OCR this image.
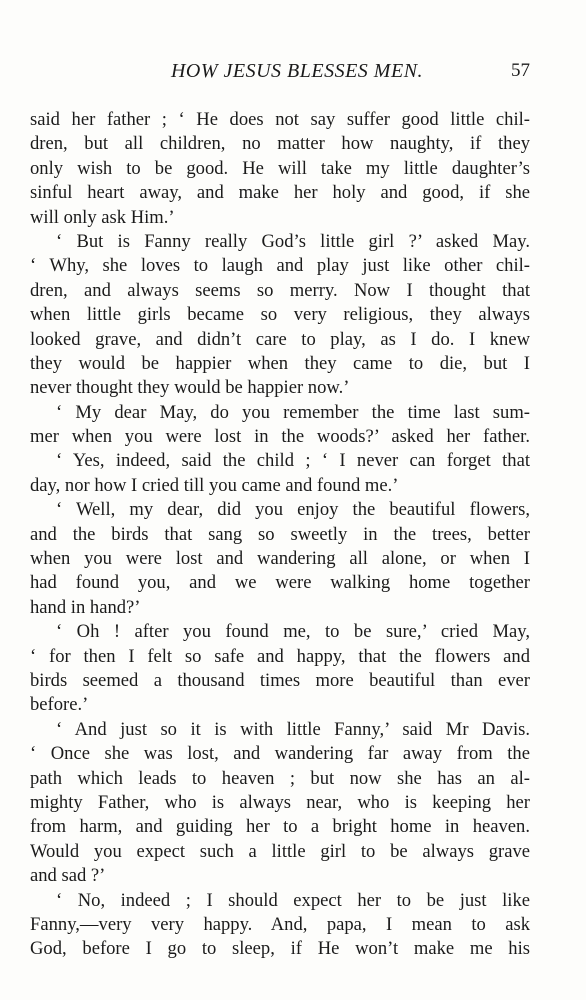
HOW JESUS BLESSES MEN.	57
said her father ; ‘ He does not say suffer good little chil-
dren, but all children, no matter how naughty, if they
only wish to be good. He will take my little daughter’s
sinful heart away, and make her holy and good, if she
will only ask Him.’
‘ But is Fanny really God’s little girl ?’ asked May.
‘ Why, she loves to laugh and play just like other chil-
dren, and always seems so merry. Now I thought that
when little girls became so very religious, they always
looked grave, and didn’t care to play, as I do. I knew
they would be happier when they came to die, but I
never thought they would be happier now.’
‘ My dear May, do you remember the time last sum-
mer when you were lost in the woods?’ asked her father.
‘ Yes, indeed, said the child ; ‘ I never can forget that
day, nor how I cried till you came and found me.’
‘ Well, my dear, did you enjoy the beautiful flowers,
and the birds that sang so sweetly in the trees, better
when you were lost and wandering all alone, or when I
had found you, and we were walking home together
hand in hand?’
‘ Oh ! after you found me, to be sure,’ cried May,
‘ for then I felt so safe and happy, that the flowers and
birds seemed a thousand times more beautiful than ever
before.’
‘ And just so it is with little Fanny,’ said Mr Davis.
‘ Once she was lost, and wandering far away from the
path which leads to heaven ; but now she has an al-
mighty Father, who is always near, who is keeping her
from harm, and guiding her to a bright home in heaven.
Would you expect such a little girl to be always grave
and sad ?’
‘ No, indeed ; I should expect her to be just like
Fanny,—very very happy. And, papa, I mean to ask
God, before I go to sleep, if He won’t make me his
